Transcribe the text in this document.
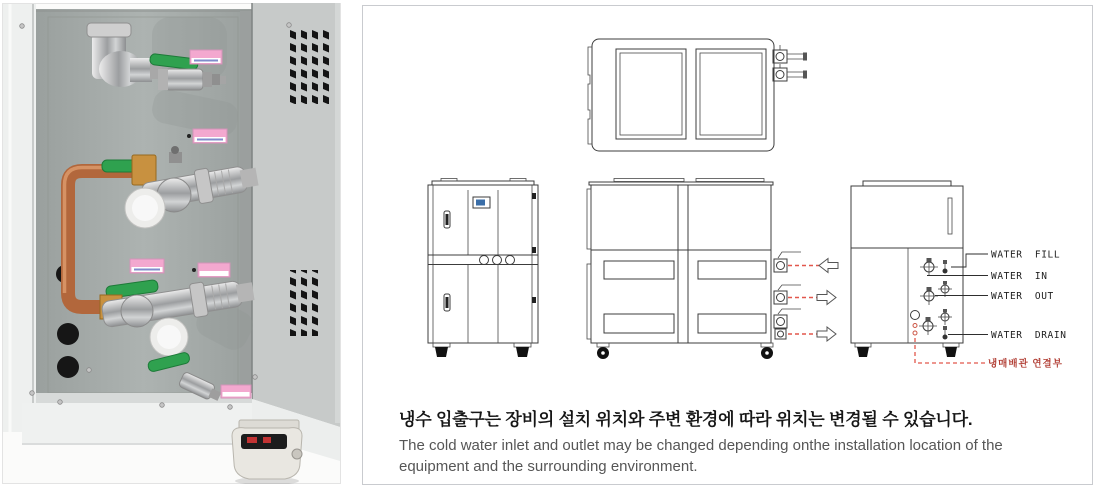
WATER FILL
WATER IN
WATER OUT
WATER DRAIN
냉매배관 연결부
냉수 입출구는 장비의 설치 위치와 주변 환경에 따라 위치는 변경될 수 있습니다.
The cold water inlet and outlet may be changed depending onthe installation location of the
equipment and the surrounding environment.
